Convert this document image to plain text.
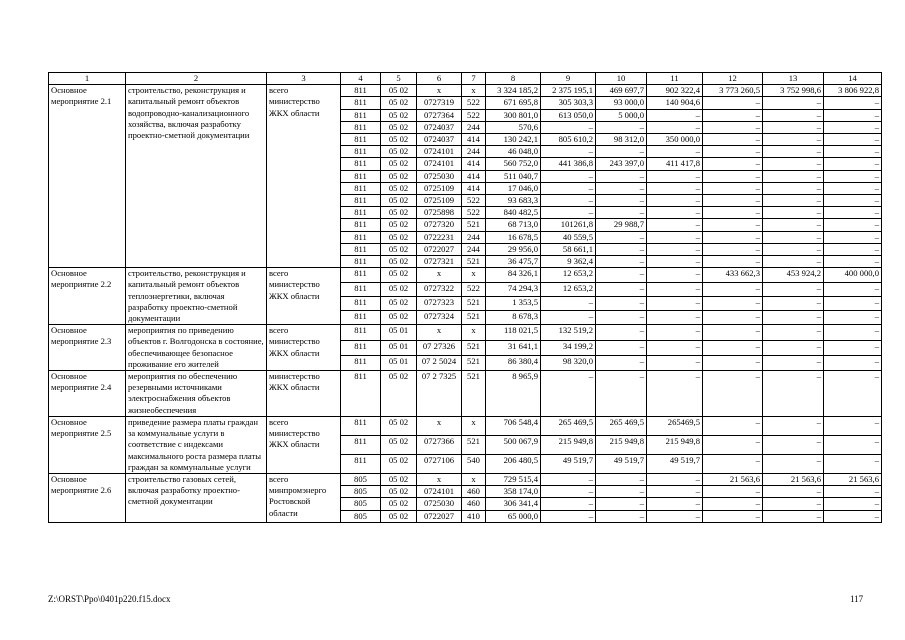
1	2	3	4	5	6	7	8	9	10	11	12	13	14
Основное мероприятие 2.1	строительство, реконструкция и капитальный ремонт объектов водопроводно-канализационного хозяйства, включая разработку проектно-сметной документации	всего министерство ЖКХ области	811	05 02	x	x	3 324 185,2	2 375 195,1	469 697,7	902 322,4	3 773 260,5	3 752 998,6	3 806 922,8
			811	05 02	0727319	522	671 695,8	305 303,3	93 000,0	140 904,6	–	–	–
			811	05 02	0727364	522	300 801,0	613 050,0	5 000,0	–	–	–	–
			811	05 02	0724037	244	570,6	–	–	–	–	–	–
			811	05 02	0724037	414	130 242,1	805 610,2	98 312,0	350 000,0	–	–	–
			811	05 02	0724101	244	46 048,0	–	–	–	–	–	–
			811	05 02	0724101	414	560 752,0	441 386,8	243 397,0	411 417,8	–	–	–
			811	05 02	0725030	414	511 040,7	–	–	–	–	–	–
			811	05 02	0725109	414	17 046,0	–	–	–	–	–	–
			811	05 02	0725109	522	93 683,3	–	–	–	–	–	–
			811	05 02	0725898	522	840 482,5	–	–	–	–	–	–
			811	05 02	0727320	521	68 713,0	101261,8	29 988,7	–	–	–	–
			811	05 02	0722231	244	16 678,5	40 559,5	–	–	–	–	–
			811	05 02	0722027	244	29 956,0	58 661,1	–	–	–	–	–
			811	05 02	0727321	521	36 475,7	9 362,4	–	–	–	–	–
Основное мероприятие 2.2	строительство, реконструкция и капитальный ремонт объектов теплоэнергетики, включая разработку проектно-сметной документации	всего министерство ЖКХ области	811	05 02	x	x	84 326,1	12 653,2	–	–	433 662,3	453 924,2	400 000,0
			811	05 02	0727322	522	74 294,3	12 653,2	–	–	–	–	–
			811	05 02	0727323	521	1 353,5	–	–	–	–	–	–
			811	05 02	0727324	521	8 678,3	–	–	–	–	–	–
Основное мероприятие 2.3	мероприятия по приведению объектов г. Волгодонска в состояние, обеспечивающее безопасное проживание его жителей	всего министерство ЖКХ области	811	05 01	x	x	118 021,5	132 519,2	–	–	–	–	–
			811	05 01	07 27326	521	31 641,1	34 199,2	–	–	–	–	–
			811	05 01	07 2 5024	521	86 380,4	98 320,0	–	–	–	–	–
Основное мероприятие 2.4	мероприятия по обеспечению резервными источниками электроснабжения объектов жизнеобеспечения	министерство ЖКХ области	811	05 02	07 2 7325	521	8 965,9	–	–	–	–	–	–
Основное мероприятие 2.5	приведение размера платы граждан за коммунальные услуги в соответствие с индексами максимального роста размера платы граждан за коммунальные услуги	всего министерство ЖКХ области	811	05 02	x	x	706 548,4	265 469,5	265 469,5	265469,5	–	–	–
			811	05 02	0727366	521	500 067,9	215 949,8	215 949,8	215 949,8	–	–	–
			811	05 02	0727106	540	206 480,5	49 519,7	49 519,7	49 519,7	–	–	–
Основное мероприятие 2.6	строительство газовых сетей, включая разработку проектно-сметной документации	всего минпромэнерго Ростовской области	805	05 02	x	x	729 515,4	–	–	–	21 563,6	21 563,6	21 563,6
			805	05 02	0724101	460	358 174,0	–	–	–	–	–	–
			805	05 02	0725030	460	306 341,4	–	–	–	–	–	–
			805	05 02	0722027	410	65 000,0	–	–	–	–	–	–
Z:\ORST\Ppo\0401p220.f15.docx	117
